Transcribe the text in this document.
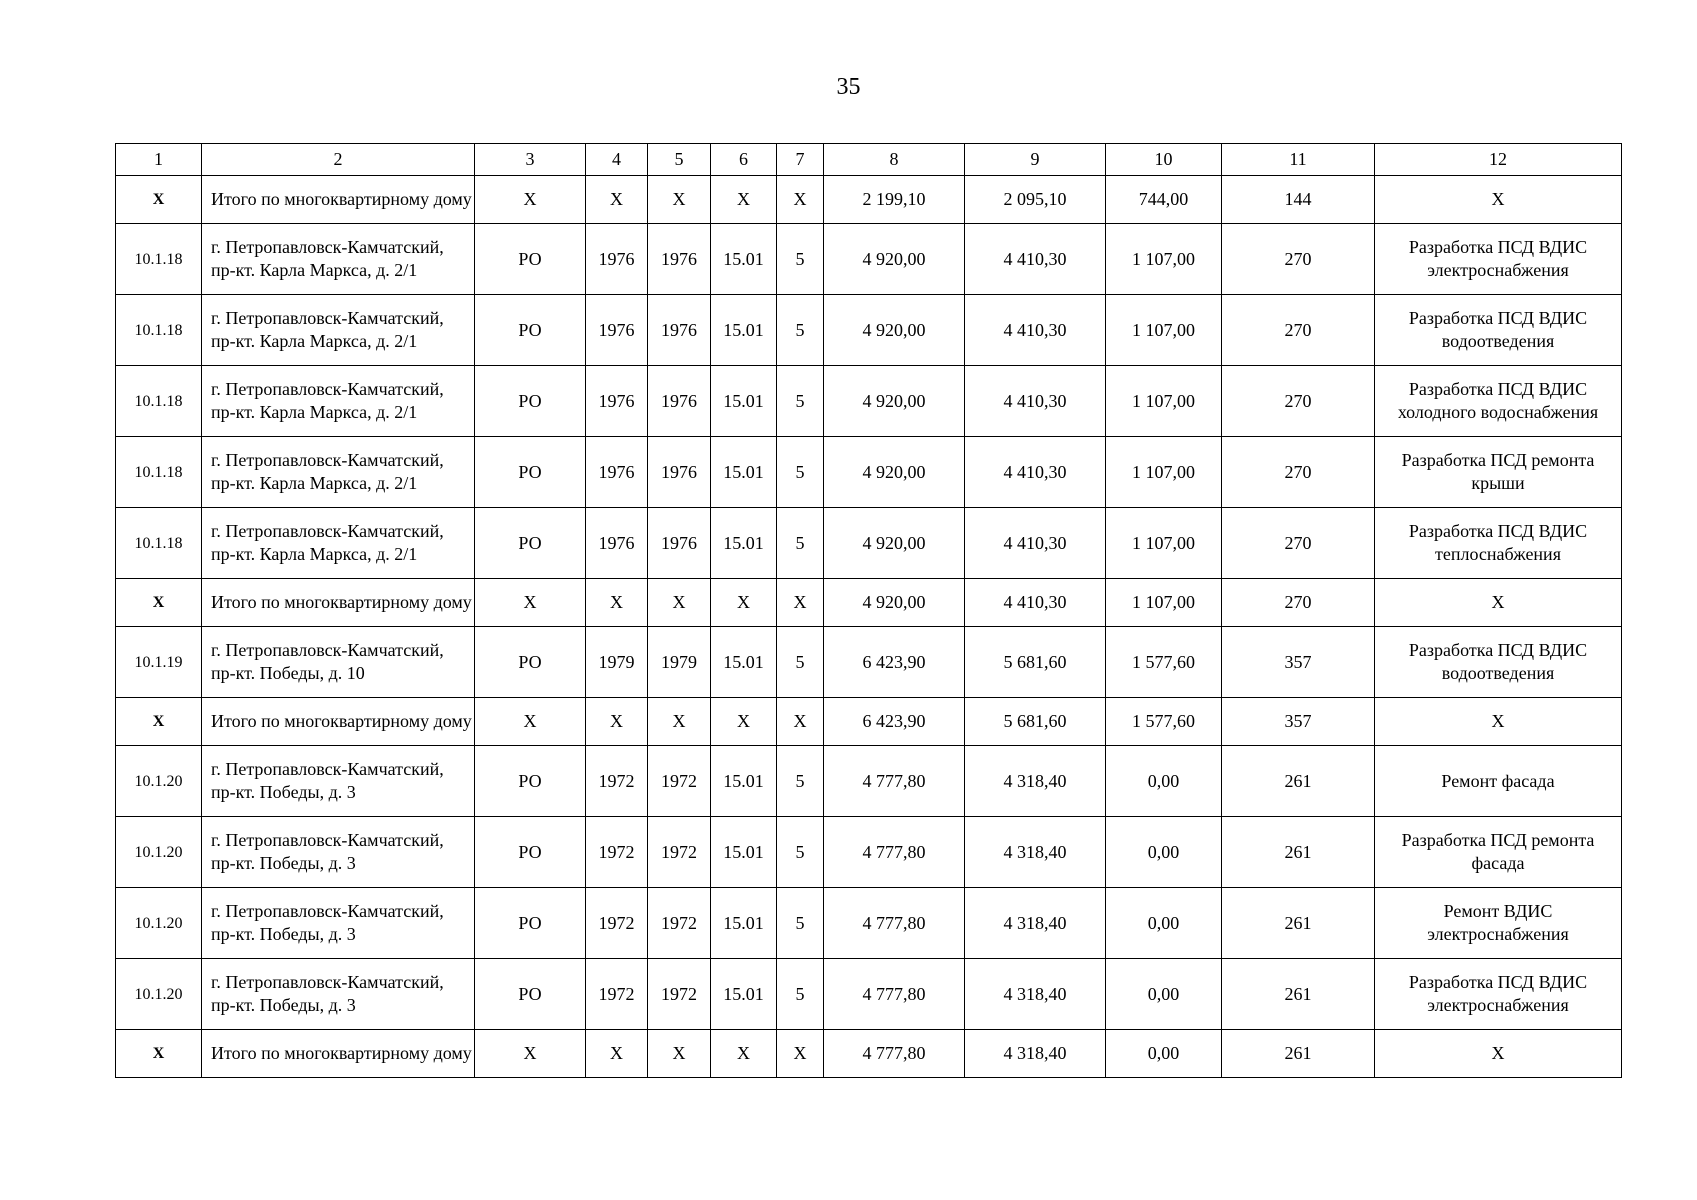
35
1	2	3	4	5	6	7	8	9	10	11	12
X	Итого по многоквартирному дому	X	X	X	X	X	2 199,10	2 095,10	744,00	144	X
10.1.18	г. Петропавловск-Камчатский, пр-кт. Карла Маркса, д. 2/1	РО	1976	1976	15.01	5	4 920,00	4 410,30	1 107,00	270	Разработка ПСД ВДИС электроснабжения
10.1.18	г. Петропавловск-Камчатский, пр-кт. Карла Маркса, д. 2/1	РО	1976	1976	15.01	5	4 920,00	4 410,30	1 107,00	270	Разработка ПСД ВДИС водоотведения
10.1.18	г. Петропавловск-Камчатский, пр-кт. Карла Маркса, д. 2/1	РО	1976	1976	15.01	5	4 920,00	4 410,30	1 107,00	270	Разработка ПСД ВДИС холодного водоснабжения
10.1.18	г. Петропавловск-Камчатский, пр-кт. Карла Маркса, д. 2/1	РО	1976	1976	15.01	5	4 920,00	4 410,30	1 107,00	270	Разработка ПСД ремонта крыши
10.1.18	г. Петропавловск-Камчатский, пр-кт. Карла Маркса, д. 2/1	РО	1976	1976	15.01	5	4 920,00	4 410,30	1 107,00	270	Разработка ПСД ВДИС теплоснабжения
X	Итого по многоквартирному дому	X	X	X	X	X	4 920,00	4 410,30	1 107,00	270	X
10.1.19	г. Петропавловск-Камчатский, пр-кт. Победы, д. 10	РО	1979	1979	15.01	5	6 423,90	5 681,60	1 577,60	357	Разработка ПСД ВДИС водоотведения
X	Итого по многоквартирному дому	X	X	X	X	X	6 423,90	5 681,60	1 577,60	357	X
10.1.20	г. Петропавловск-Камчатский, пр-кт. Победы, д. 3	РО	1972	1972	15.01	5	4 777,80	4 318,40	0,00	261	Ремонт фасада
10.1.20	г. Петропавловск-Камчатский, пр-кт. Победы, д. 3	РО	1972	1972	15.01	5	4 777,80	4 318,40	0,00	261	Разработка ПСД ремонта фасада
10.1.20	г. Петропавловск-Камчатский, пр-кт. Победы, д. 3	РО	1972	1972	15.01	5	4 777,80	4 318,40	0,00	261	Ремонт ВДИС электроснабжения
10.1.20	г. Петропавловск-Камчатский, пр-кт. Победы, д. 3	РО	1972	1972	15.01	5	4 777,80	4 318,40	0,00	261	Разработка ПСД ВДИС электроснабжения
X	Итого по многоквартирному дому	X	X	X	X	X	4 777,80	4 318,40	0,00	261	X
